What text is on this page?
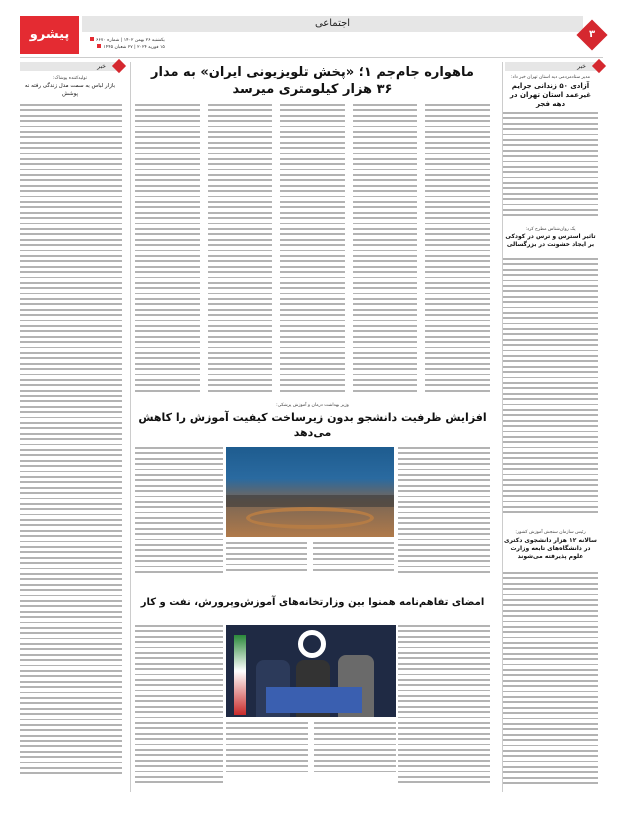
پیشرو
اجتماعی
یکشنبه ۲۶ بهمن ۱۴۰۲ | شماره ۶۶۷۰
۱۵ فوریه ۲۰۲۴ | ۲۷ شعبان ۱۴۴۵
۳
خبر
مدیر ستادمردمی دیه استان تهران خبر داد:
آزادی ۵۰ زندانی جرایم غیرعمد استان تهران در دهه فجر
یک روان‌شناس مطرح کرد:
تاثیر استرس و ترس در کودکی بر ایجاد خشونت در بزرگسالی
رئیس سازمان سنجش آموزش کشور:
سالانه ۱۲ هزار دانشجوی دکتری در دانشگاه‌های تابعه وزارت علوم پذیرفته می‌شوند
ماهواره جام‌جم ۱؛ «پخش تلویزیونی ایران» به مدار
۳۶ هزار کیلومتری میرسد
وزیر بهداشت درمان و آموزش پزشکی:
افزایش ظرفیت دانشجو بدون زیرساخت کیفیت آموزش را کاهش می‌دهد
امضای تفاهم‌نامه همنوا بین وزارتخانه‌های آموزش‌وپرورش، نفت و کار
خبر
تولیدکننده پوشاک:
بازار لباس به سمت مدل زندگی رفته نه پوشش
